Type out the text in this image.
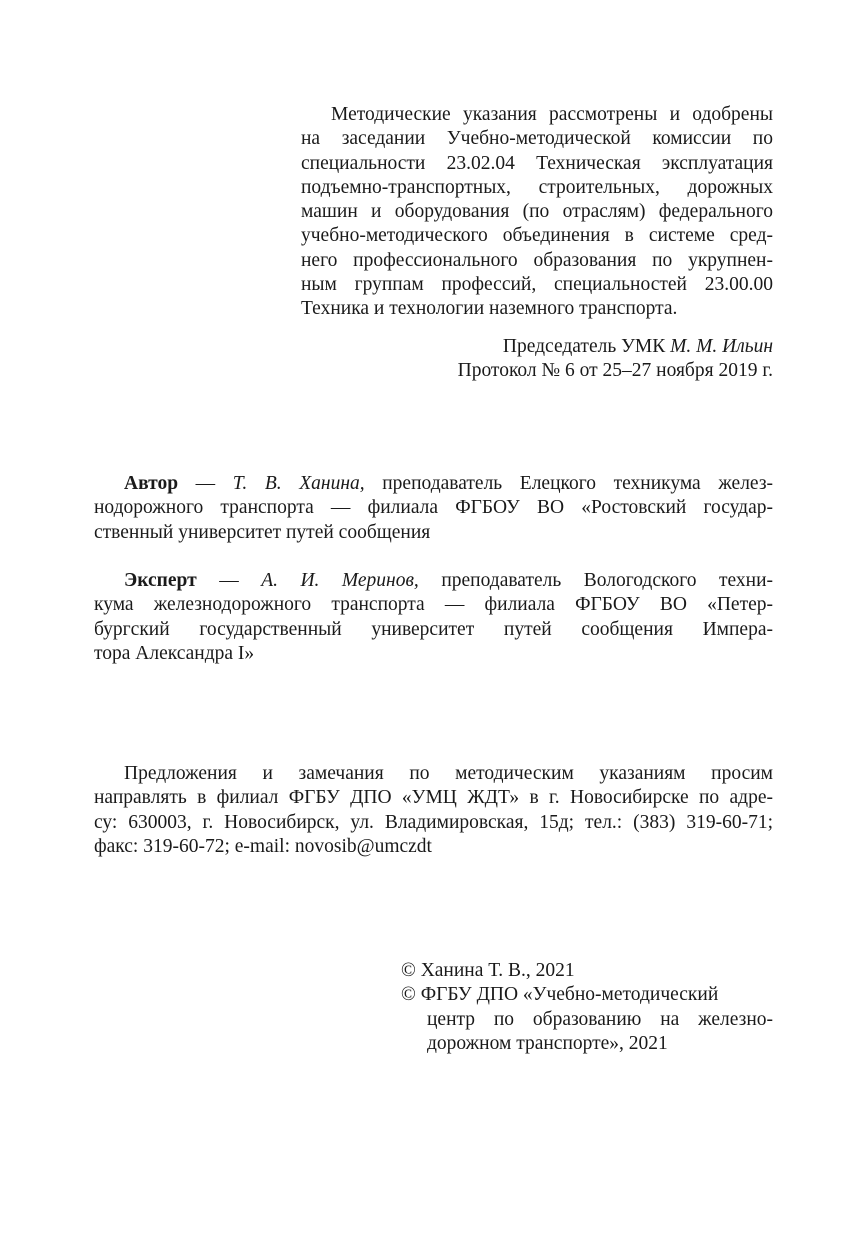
Методические указания рассмотрены и одобрены
на заседании Учебно-методической комиссии по
специальности 23.02.04 Техническая эксплуатация
подъемно-транспортных, строительных, дорожных
машин и оборудования (по отраслям) федерального
учебно-методического объединения в системе сред-
него профессионального образования по укрупнен-
ным группам профессий, специальностей 23.00.00
Техника и технологии наземного транспорта.
Председатель УМК М. М. Ильин
Протокол № 6 от 25–27 ноября 2019 г.
Автор — Т. В. Ханина, преподаватель Елецкого техникума желез-
нодорожного транспорта — филиала ФГБОУ ВО «Ростовский государ-
ственный университет путей сообщения
Эксперт — А. И. Меринов, преподаватель Вологодского техни-
кума железнодорожного транспорта — филиала ФГБОУ ВО «Петер-
бургский государственный университет путей сообщения Импера-
тора Александра I»
Предложения и замечания по методическим указаниям просим
направлять в филиал ФГБУ ДПО «УМЦ ЖДТ» в г. Новосибирске по адре-
су: 630003, г. Новосибирск, ул. Владимировская, 15д; тел.: (383) 319-60-71;
факс: 319-60-72; e-mail: novosib@umczdt
© Ханина Т. В., 2021
© ФГБУ ДПО «Учебно-методический
центр по образованию на железно-
дорожном транспорте», 2021
